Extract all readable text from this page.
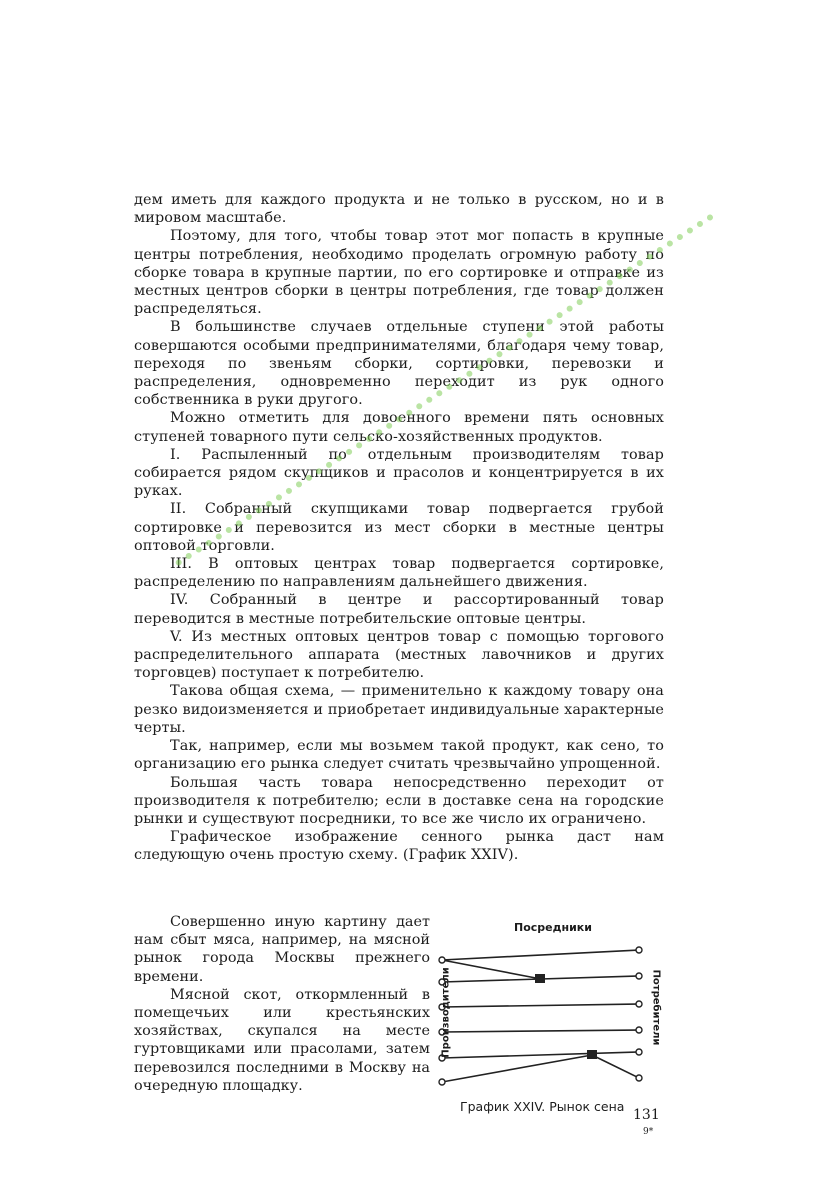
дем иметь для каждого продукта и не только в русском, но и в мировом масштабе.

Поэтому, для того, чтобы товар этот мог попасть в крупные центры потребления, необходимо проделать огромную работу по сборке товара в крупные партии, по его сортировке и отправке из местных центров сборки в центры потребления, где товар должен распределяться.

В большинстве случаев отдельные ступени этой работы совершаются особыми предпринимателями, благодаря чему товар, переходя по звеньям сборки, сортировки, перевозки и распределения, одновременно переходит из рук одного собственника в руки другого.

Можно отметить для довоенного времени пять основных ступеней товарного пути сельско-хозяйственных продуктов.

I. Распыленный по отдельным производителям товар собирается рядом скупщиков и прасолов и концентрируется в их руках.

II. Собранный скупщиками товар подвергается грубой сортировке и перевозится из мест сборки в местные центры оптовой торговли.

III. В оптовых центрах товар подвергается сортировке, распределению по направлениям дальнейшего движения.

IV. Собранный в центре и рассортированный товар переводится в местные потребительские оптовые центры.

V. Из местных оптовых центров товар с помощью торгового распределительного аппарата (местных лавочников и других торговцев) поступает к потребителю.

Такова общая схема, — применительно к каждому товару она резко видоизменяется и приобретает индивидуальные характерные черты.

Так, например, если мы возьмем такой продукт, как сено, то организацию его рынка следует считать чрезвычайно упрощенной.

Большая часть товара непосредственно переходит от производителя к потребителю; если в доставке сена на городские рынки и существуют посредники, то все же число их ограничено.

Графическое изображение сенного рынка даст нам следующую очень простую схему. (График XXIV).

Совершенно иную картину дает нам сбыт мяса, например, на мясной рынок города Москвы прежнего времени.

Мясной скот, откормленный в помещечьих или крестьянских хозяйствах, скупался на месте гуртовщиками или прасолами, затем перевозился последними в Москву на очередную площадку.

Посредники
Производители	Потребители
График XXIV. Рынок сена
131
9*
